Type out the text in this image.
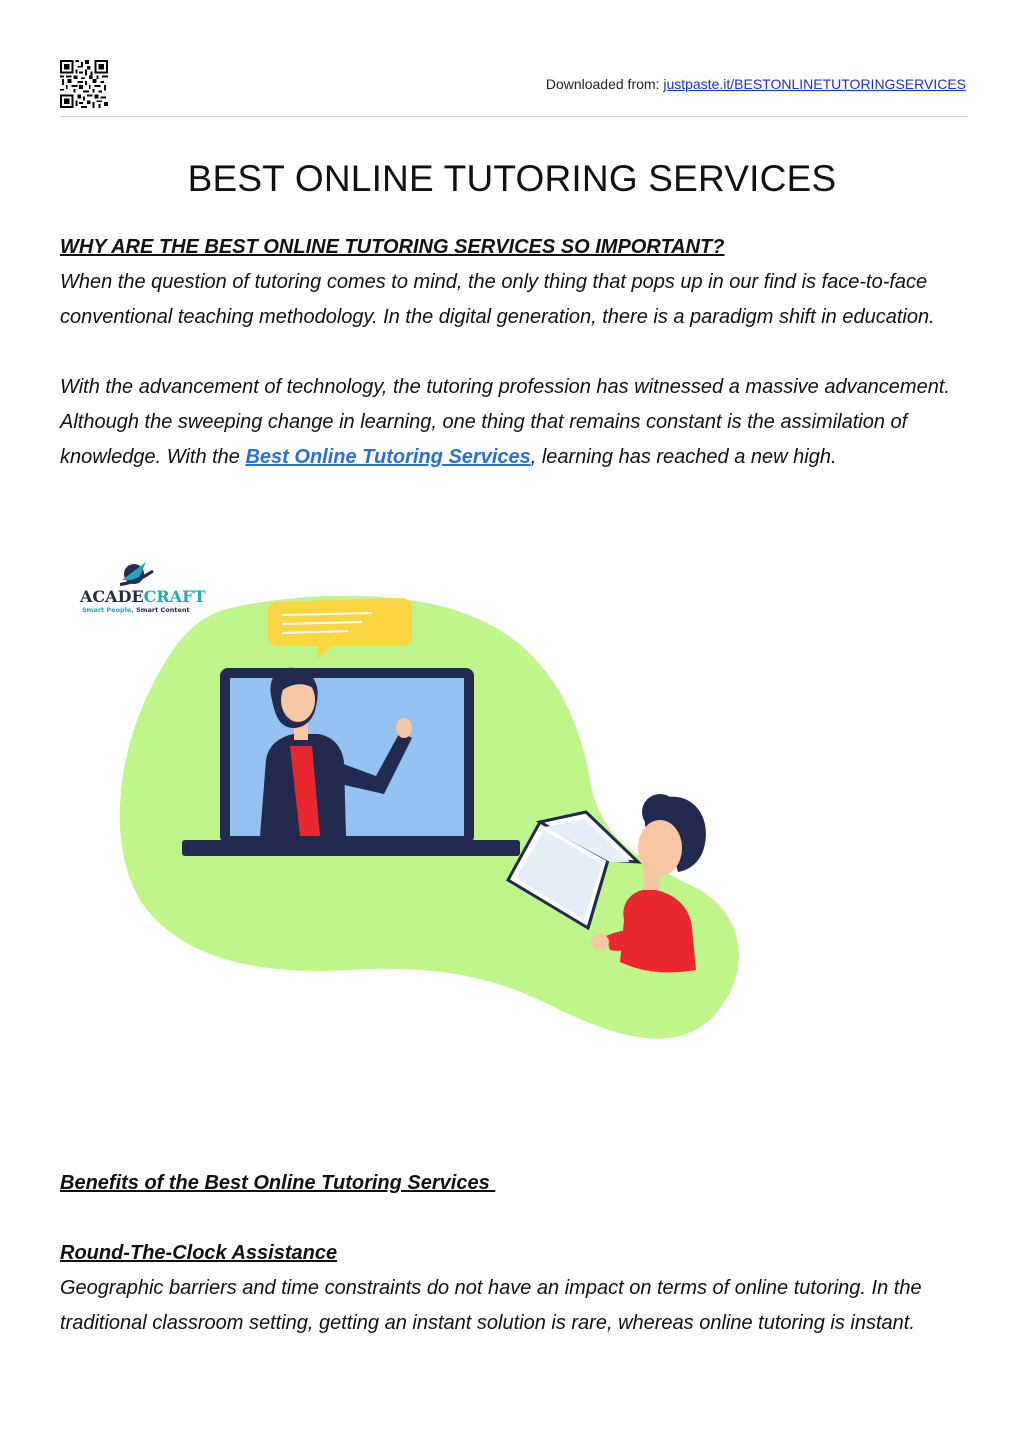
Downloaded from: justpaste.it/BESTONLINETUTORINGSERVICES
BEST ONLINE TUTORING SERVICES

WHY ARE THE BEST ONLINE TUTORING SERVICES SO IMPORTANT?

When the question of tutoring comes to mind, the only thing that pops up in our find is face-to-face conventional teaching methodology. In the digital generation, there is a paradigm shift in education.

With the advancement of technology, the tutoring profession has witnessed a massive advancement. Although the sweeping change in learning, one thing that remains constant is the assimilation of knowledge. With the Best Online Tutoring Services, learning has reached a new high.

ACADECRAFT
Smart People, Smart Content

Benefits of the Best Online Tutoring Services

Round-The-Clock Assistance

Geographic barriers and time constraints do not have an impact on terms of online tutoring. In the traditional classroom setting, getting an instant solution is rare, whereas online tutoring is instant.
